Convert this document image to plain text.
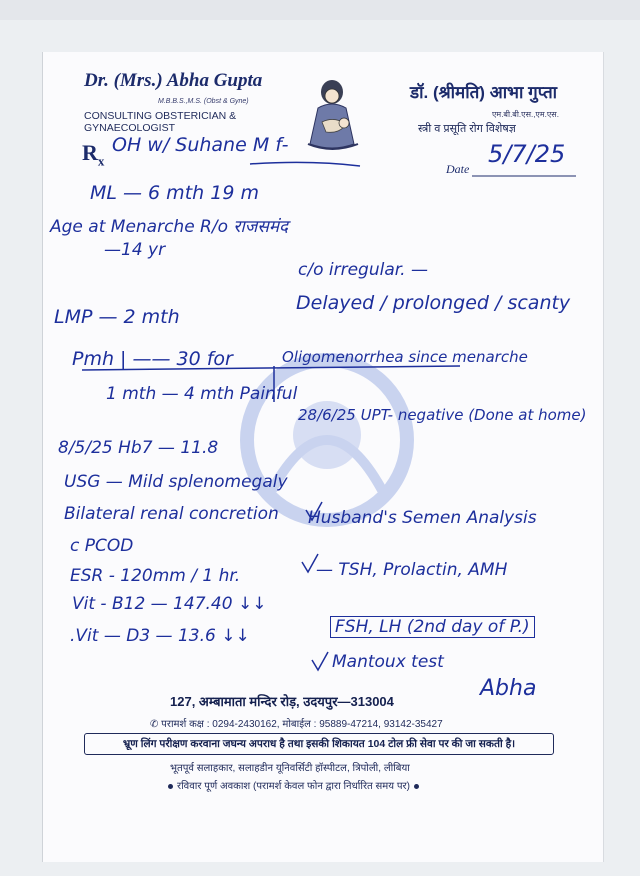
Dr. (Mrs.) Abha Gupta
M.B.B.S.,M.S. (Obst & Gyne)
CONSULTING OBSTERICIAN & GYNAECOLOGIST
डॉ. (श्रीमति) आभा गुप्ता
एम.बी.बी.एस.,एम.एस.
स्त्री व प्रसूति रोग विशेषज्ञ
$R_x$
Date
OH w/ Suhane M f-	5/7/25
ML — 6 mth 19 m
Age at Menarche R/o राजसमंद
—14 yr
c/o irregular. —
LMP — 2 mth
Delayed / prolonged / scanty
Pmh | —— 30 for	Oligomenorrhea since menarche
1 mth — 4 mth Painful
28/6/25 UPT- negative (Done at home)
8/5/25 Hb7 — 11.8
USG — Mild splenomegaly
Bilateral renal concretion Husband's Semen Analysis
c PCOD
ESR - 120mm / 1 hr.	— TSH, Prolactin, AMH
Vit - B12 — 147.40 ↓↓
FSH, LH (2nd day of P.)
.Vit — D3 — 13.6 ↓↓
Mantoux test
Abha
127, अम्बामाता मन्दिर रोड़, उदयपुर—313004
✆ परामर्श कक्ष : 0294-2430162, मोबाईल : 95889-47214, 93142-35427
भ्रूण लिंग परीक्षण करवाना जघन्य अपराध है तथा इसकी शिकायत 104 टोल फ्री सेवा पर की जा सकती है।
भूतपूर्व सलाहकार, सलाहडीन यूनिवर्सिटी हॉस्पीटल, त्रिपोली, लीबिया
रविवार पूर्ण अवकाश (परामर्श केवल फोन द्वारा निर्धारित समय पर)
